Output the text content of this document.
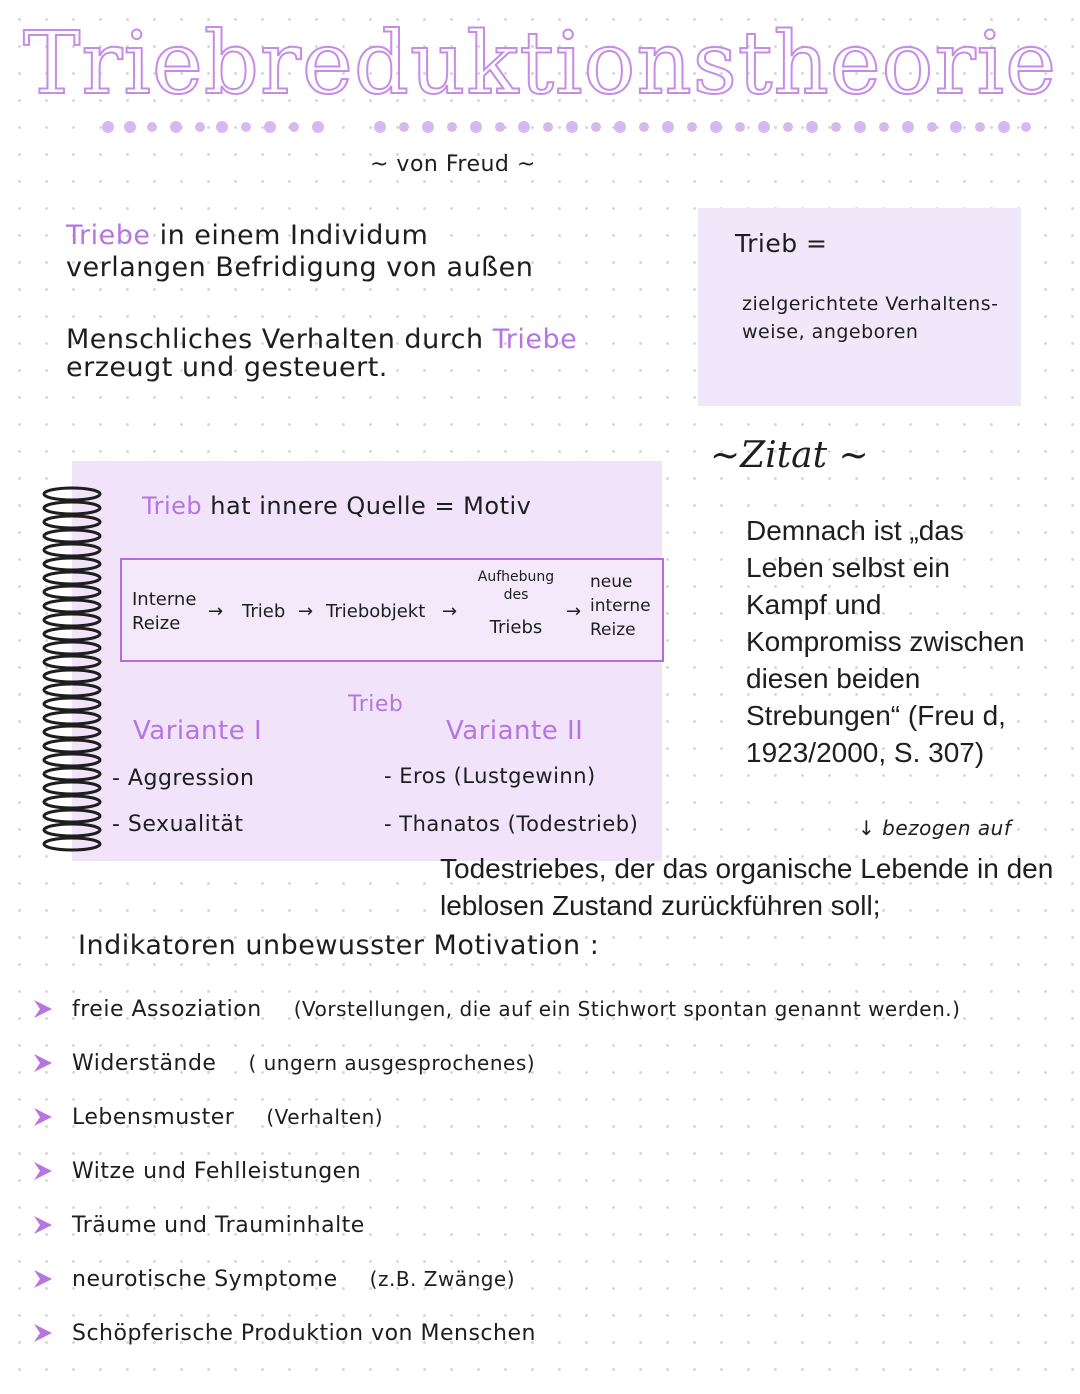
Triebreduktionstheorie
~ von Freud ~
Triebe in einem Individum
verlangen Befridigung von außen
Menschliches Verhalten durch Triebe
erzeugt und gesteuert.
Trieb =
zielgerichtete Verhaltens-weise, angeboren
~Zitat ~
Demnach ist „das Leben selbst ein Kampf und Kompromiss zwischen diesen beiden Strebungen“ (Freu d, 1923/2000, S. 307)
↓ bezogen auf
Trieb hat innere Quelle = Motiv
Interne Reize
→ Trieb → Triebobjekt →
Aufhebung des
Triebs
→
neue interne Reize
Trieb
Variante I	Variante II
- Aggression
- Sexualität
- Eros (Lustgewinn)
- Thanatos (Todestrieb)
Todestriebes, der das organische Lebende in den leblosen Zustand zurückführen soll;
Indikatoren unbewusster Motivation :
freie Assoziation (Vorstellungen, die auf ein Stichwort spontan genannt werden.)
Widerstände ( ungern ausgesprochenes)
Lebensmuster (Verhalten)
Witze und Fehlleistungen
Träume und Trauminhalte
neurotische Symptome (z.B. Zwänge)
Schöpferische Produktion von Menschen
